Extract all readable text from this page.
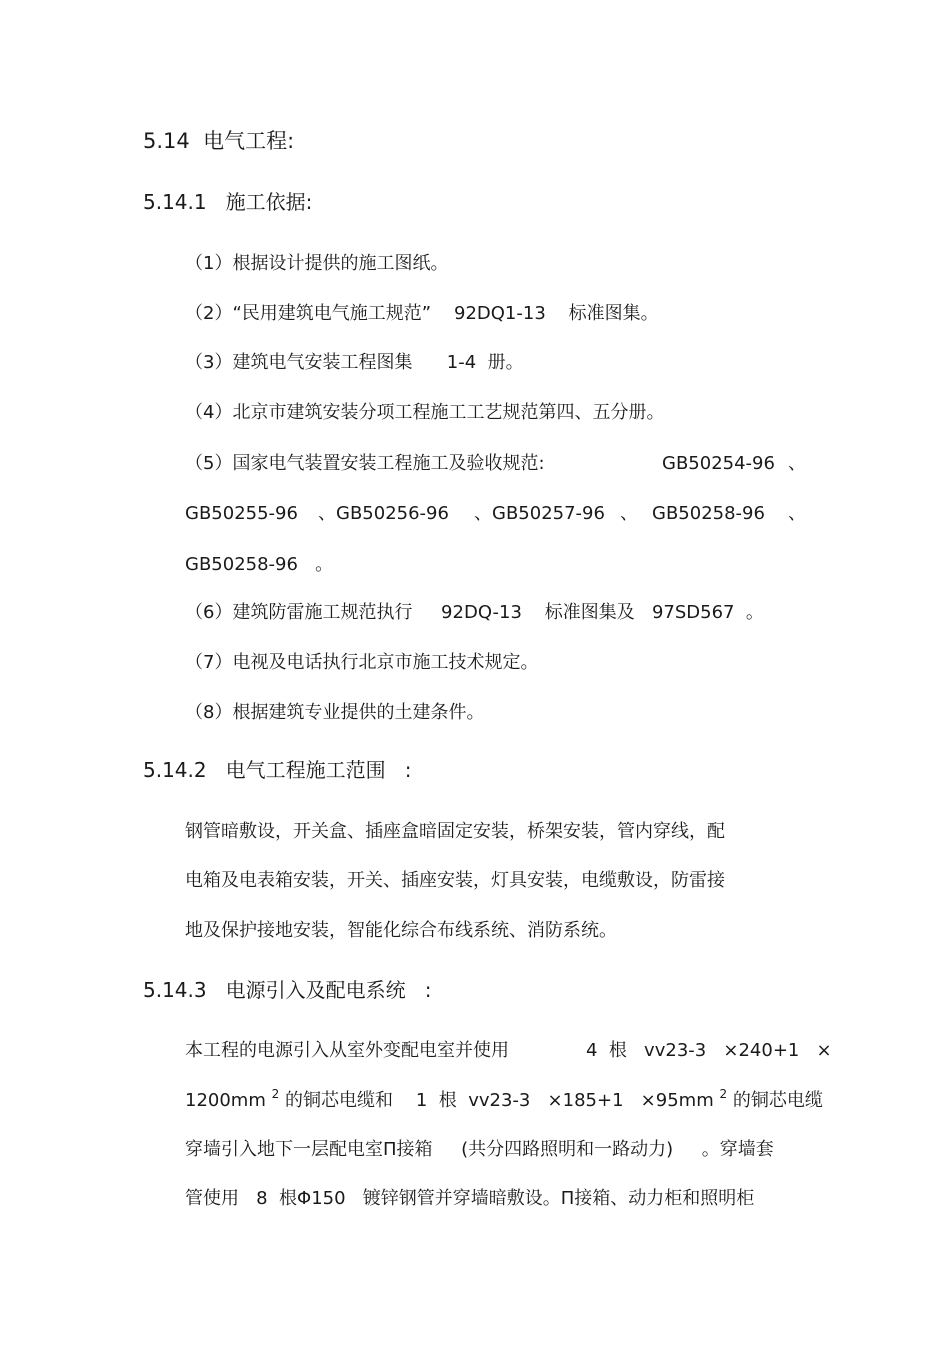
5.14  电气工程:
5.14.1   施工依据:
（1）根据设计提供的施工图纸。
（2）“民用建筑电气施工规范”    92DQ1-13    标准图集。
（3）建筑电气安装工程图集      1-4  册。
（4）北京市建筑安装分项工程施工工艺规范第四、五分册。
（5）国家电气装置安装工程施工及验收规范:	GB50254-96 、
GB50255-96 、GB50256-96 、GB50257-96 、 GB50258-96 、
GB50258-96   。
（6）建筑防雷施工规范执行     92DQ-13    标准图集及   97SD567  。
（7）电视及电话执行北京市施工技术规定。
（8）根据建筑专业提供的土建条件。
5.14.2   电气工程施工范围   :
钢管暗敷设，开关盒、插座盒暗固定安装，桥架安装，管内穿线，配
电箱及电表箱安装，开关、插座安装，灯具安装，电缆敷设，防雷接
地及保护接地安装，智能化综合布线系统、消防系统。
5.14.3   电源引入及配电系统   :
本工程的电源引入从室外变配电室并使用	4  根   vv23-3   ×240+1   ×
1200mm $^2$ 的铜芯电缆和    1  根  vv23-3   ×185+1   ×95mm $^2$ 的铜芯电缆
穿墙引入地下一层配电室Π接箱     (共分四路照明和一路动力)     。穿墙套
管使用   8  根Φ150   镀锌钢管并穿墙暗敷设。Π接箱、动力柜和照明柜
